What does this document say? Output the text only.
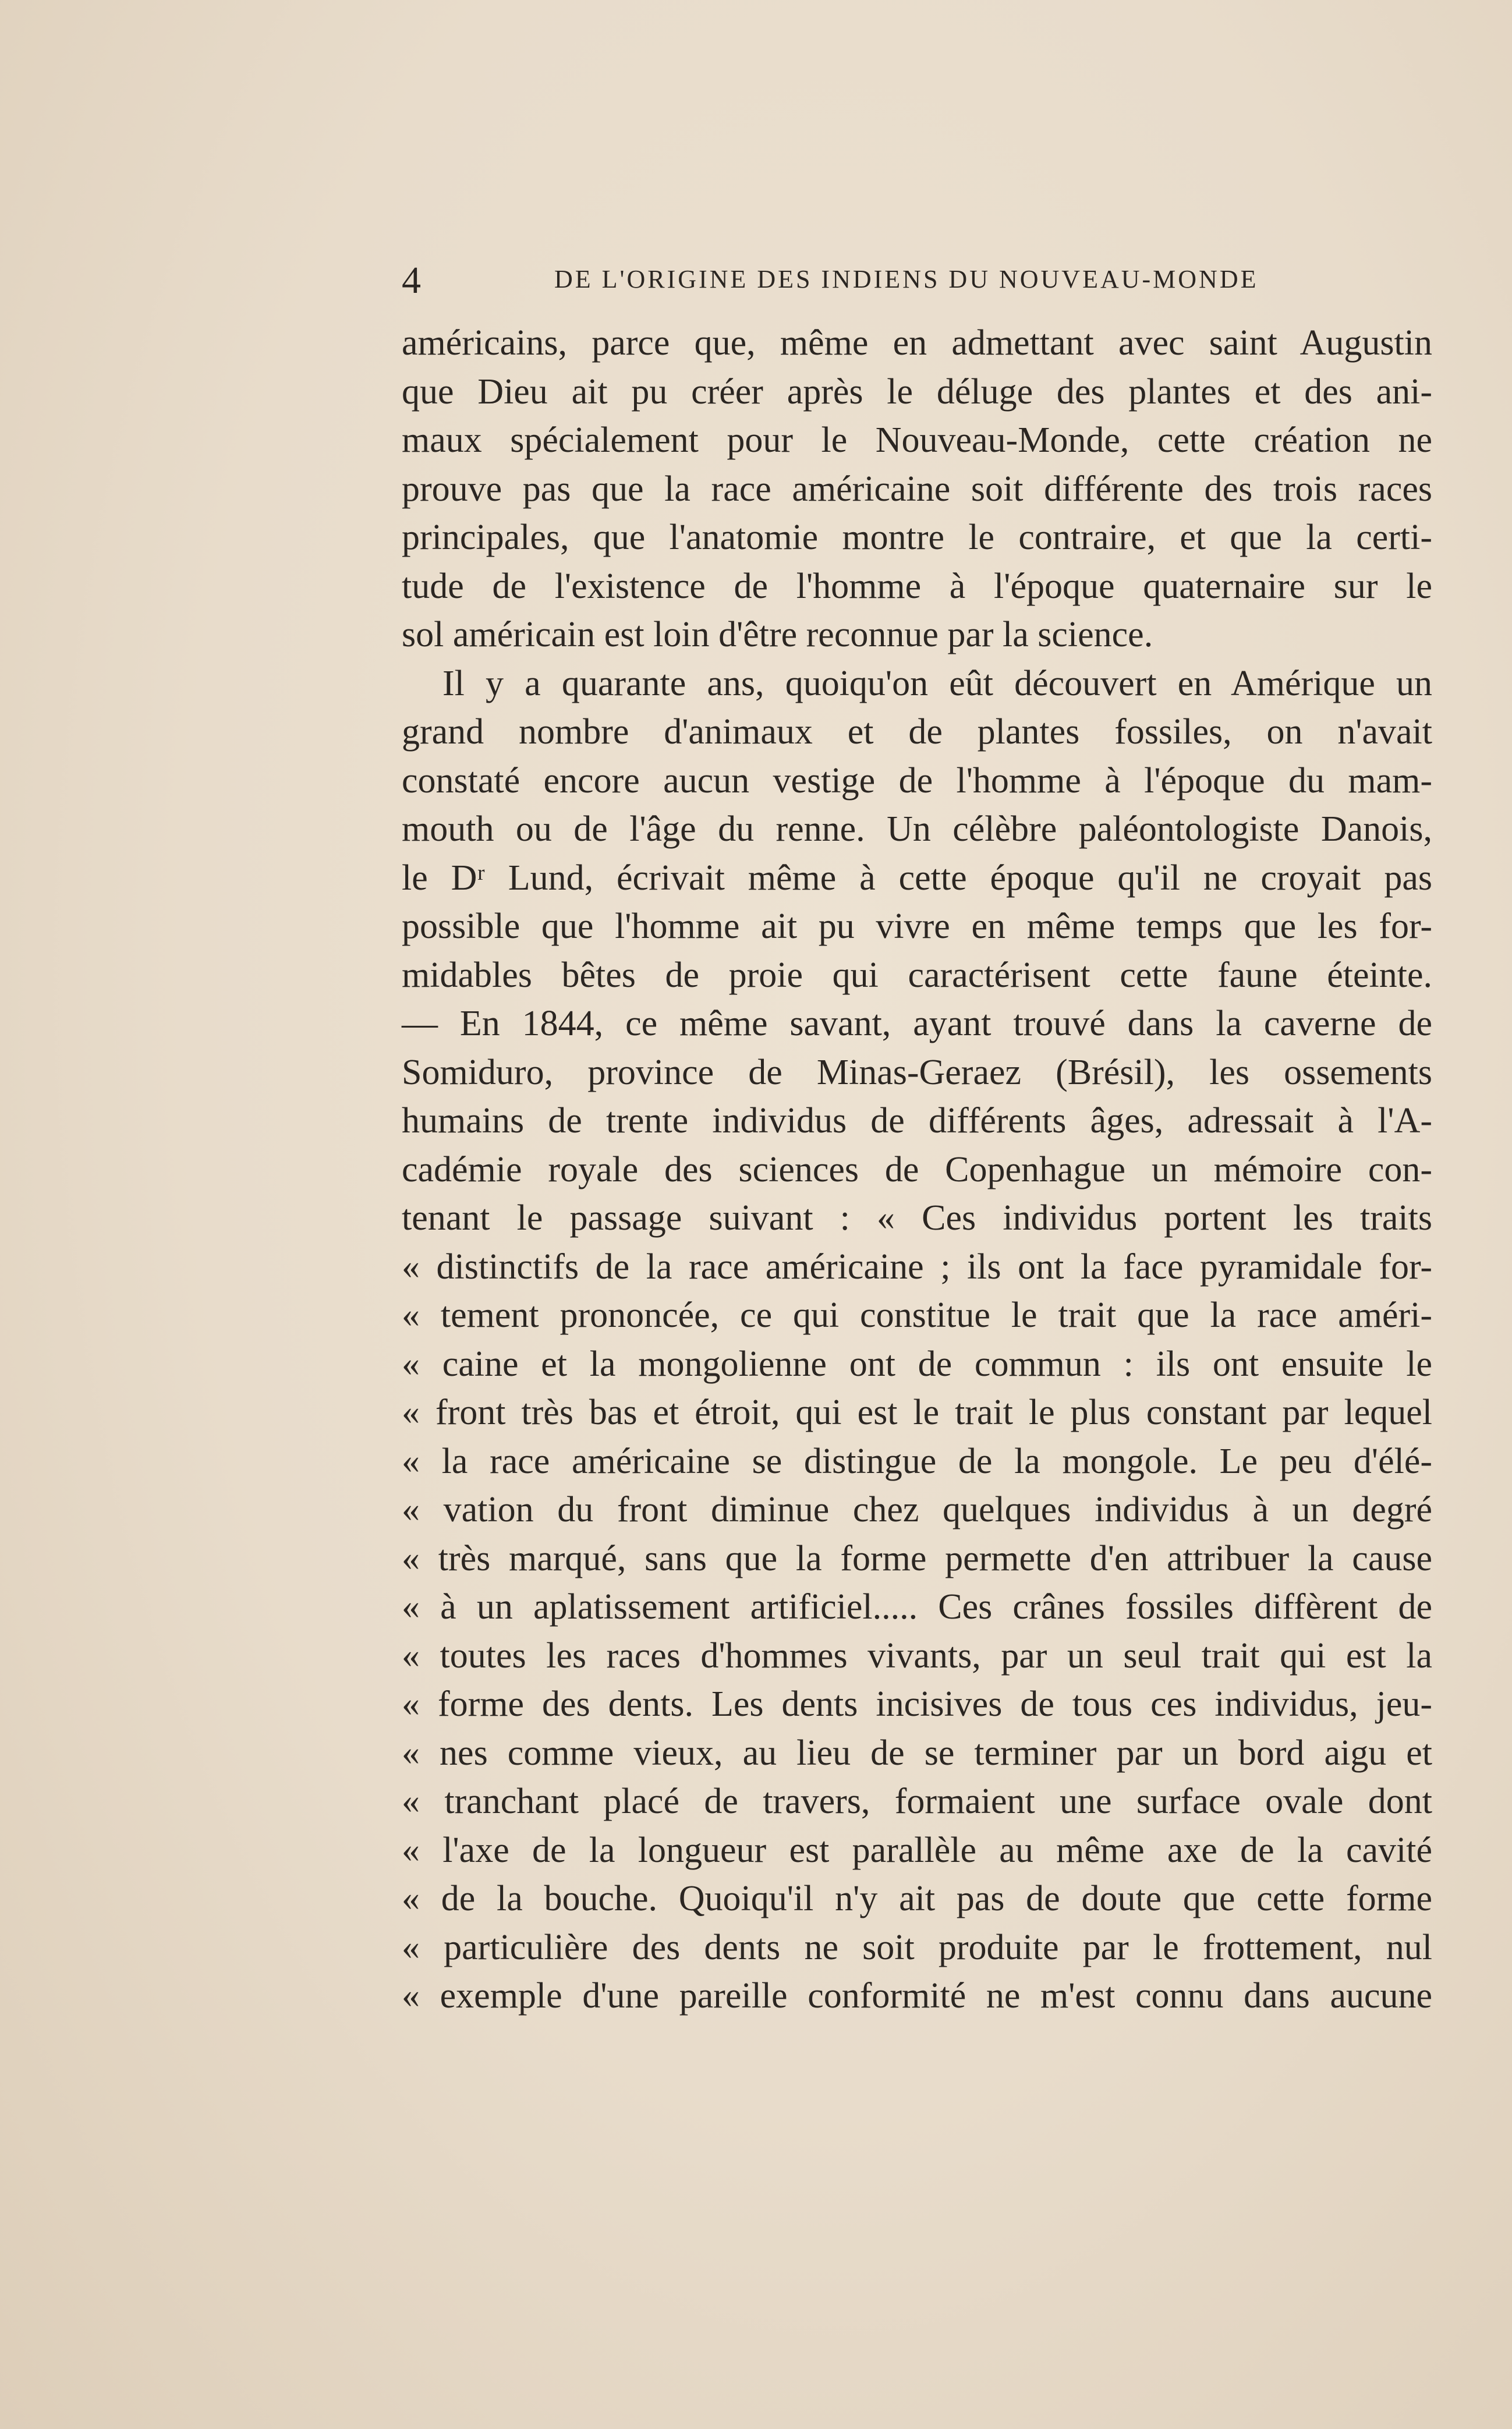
4	DE L'ORIGINE DES INDIENS DU NOUVEAU-MONDE
américains, parce que, même en admettant avec saint Augustin
que Dieu ait pu créer après le déluge des plantes et des ani-
maux spécialement pour le Nouveau-Monde, cette création ne
prouve pas que la race américaine soit différente des trois races
principales, que l'anatomie montre le contraire, et que la certi-
tude de l'existence de l'homme à l'époque quaternaire sur le
sol américain est loin d'être reconnue par la science.
Il y a quarante ans, quoiqu'on eût découvert en Amérique un
grand nombre d'animaux et de plantes fossiles, on n'avait
constaté encore aucun vestige de l'homme à l'époque du mam-
mouth ou de l'âge du renne. Un célèbre paléontologiste Danois,
le Dʳ Lund, écrivait même à cette époque qu'il ne croyait pas
possible que l'homme ait pu vivre en même temps que les for-
midables bêtes de proie qui caractérisent cette faune éteinte.
— En 1844, ce même savant, ayant trouvé dans la caverne de
Somiduro, province de Minas-Geraez (Brésil), les ossements
humains de trente individus de différents âges, adressait à l'A-
cadémie royale des sciences de Copenhague un mémoire con-
tenant le passage suivant : « Ces individus portent les traits
« distinctifs de la race américaine ; ils ont la face pyramidale for-
« tement prononcée, ce qui constitue le trait que la race améri-
« caine et la mongolienne ont de commun : ils ont ensuite le
« front très bas et étroit, qui est le trait le plus constant par lequel
« la race américaine se distingue de la mongole. Le peu d'élé-
« vation du front diminue chez quelques individus à un degré
« très marqué, sans que la forme permette d'en attribuer la cause
« à un aplatissement artificiel..... Ces crânes fossiles diffèrent de
« toutes les races d'hommes vivants, par un seul trait qui est la
« forme des dents. Les dents incisives de tous ces individus, jeu-
« nes comme vieux, au lieu de se terminer par un bord aigu et
« tranchant placé de travers, formaient une surface ovale dont
« l'axe de la longueur est parallèle au même axe de la cavité
« de la bouche. Quoiqu'il n'y ait pas de doute que cette forme
« particulière des dents ne soit produite par le frottement, nul
« exemple d'une pareille conformité ne m'est connu dans aucune
